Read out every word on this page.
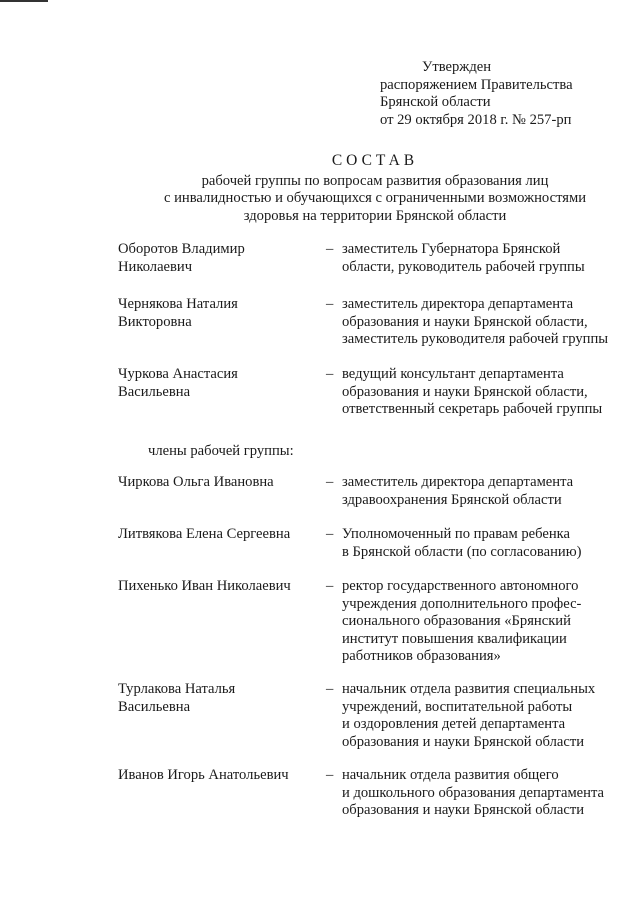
Утвержден
распоряжением Правительства
Брянской области
от 29 октября 2018 г. № 257-рп
СОСТАВ
рабочей группы по вопросам развития образования лиц
с инвалидностью и обучающихся с ограниченными возможностями
здоровья на территории Брянской области
Оборотов Владимир
Николаевич
– заместитель Губернатора Брянской
области, руководитель рабочей группы
Чернякова Наталия
Викторовна
– заместитель директора департамента
образования и науки Брянской области,
заместитель руководителя рабочей группы
Чуркова Анастасия
Васильевна
– ведущий консультант департамента
образования и науки Брянской области,
ответственный секретарь рабочей группы
члены рабочей группы:
Чиркова Ольга Ивановна	– заместитель директора департамента
здравоохранения Брянской области
Литвякова Елена Сергеевна	– Уполномоченный по правам ребенка
в Брянской области (по согласованию)
Пихенько Иван Николаевич	– ректор государственного автономного
учреждения дополнительного профес-
сионального образования «Брянский
институт повышения квалификации
работников образования»
Турлакова Наталья
Васильевна
– начальник отдела развития специальных
учреждений, воспитательной работы
и оздоровления детей департамента
образования и науки Брянской области
Иванов Игорь Анатольевич	– начальник отдела развития общего
и дошкольного образования департамента
образования и науки Брянской области
